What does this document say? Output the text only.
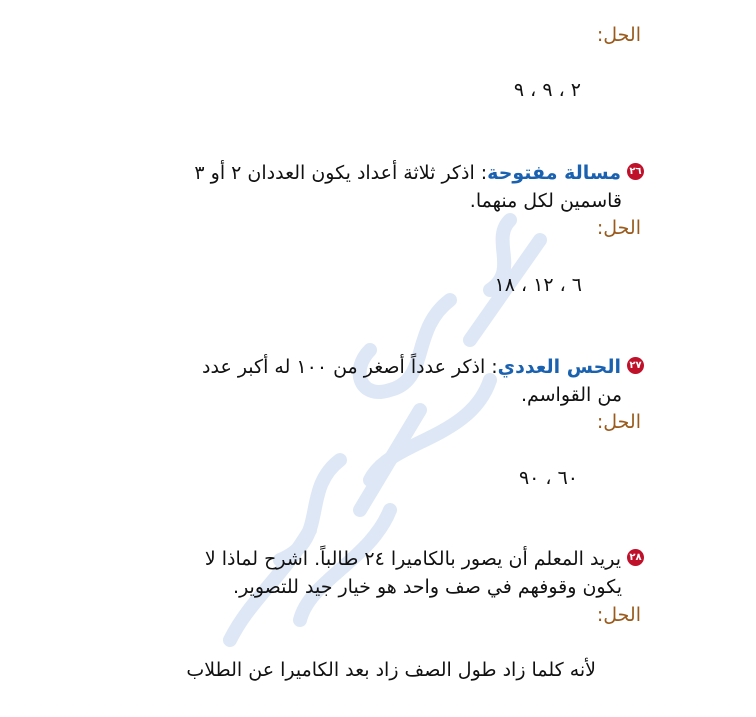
الحل:
٢ ، ٩ ، ٩
٢٦مسالة مفتوحة: اذكر ثلاثة أعداد يكون العددان ٢ أو ٣
قاسمين لكل منهما.
الحل:
٦ ، ١٢ ، ١٨
٢٧الحس العددي: اذكر عدداً أصغر من ١٠٠ له أكبر عدد
من القواسم.
الحل:
٦٠ ، ٩٠
٢٨يريد المعلم أن يصور بالكاميرا ٢٤ طالباً. اشرح لماذا لا
يكون وقوفهم في صف واحد هو خيار جيد للتصوير.
الحل:
لأنه كلما زاد طول الصف زاد بعد الكاميرا عن الطلاب
